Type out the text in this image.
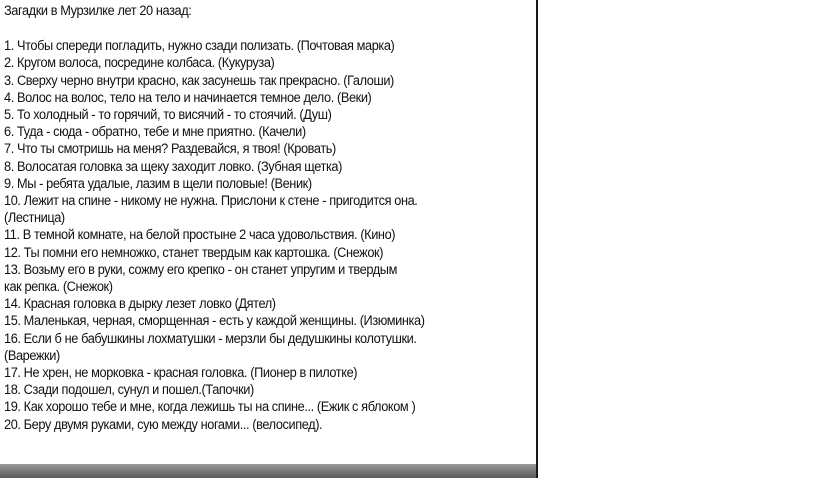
Загадки в Мурзилке лет 20 назад:

1. Чтобы спереди погладить, нужно сзади полизать. (Почтовая марка)

2. Кругом волоса, посредине колбаса. (Кукуруза)

3. Сверху черно внутри красно, как засунешь так прекрасно. (Галоши)

4. Волос на волос, тело на тело и начинается темное дело. (Веки)

5. То холодный - то горячий, то висячий - то стоячий. (Душ)

6. Туда - сюда - обратно, тебе и мне приятно. (Качели)

7. Что ты смотришь на меня? Раздевайся, я твоя! (Кровать)

8. Волосатая головка за щеку заходит ловко. (Зубная щетка)

9. Мы - ребята удалые, лазим в щели половые! (Веник)

10. Лежит на спине - никому не нужна. Прислони к стене - пригодится она.
(Лестница)

11. В темной комнате, на белой простыне 2 часа удовольствия. (Кино)

12. Ты помни его немножко, станет твердым как картошка. (Снежок)

13. Возьму его в руки, сожму его крепко - он станет упругим и твердым
как репка. (Снежок)

14. Красная головка в дырку лезет ловко (Дятел)

15. Маленькая, черная, сморщенная - есть у каждой женщины. (Изюминка)

16. Если б не бабушкины лохматушки - мерзли бы дедушкины колотушки.
(Варежки)

17. Не хрен, не морковка - красная головка. (Пионер в пилотке)

18. Сзади подошел, сунул и пошел.(Тапочки)

19. Как хорошо тебе и мне, когда лежишь ты на спине... (Ежик с яблоком )

20. Беру двумя руками, сую между ногами... (велосипед).
